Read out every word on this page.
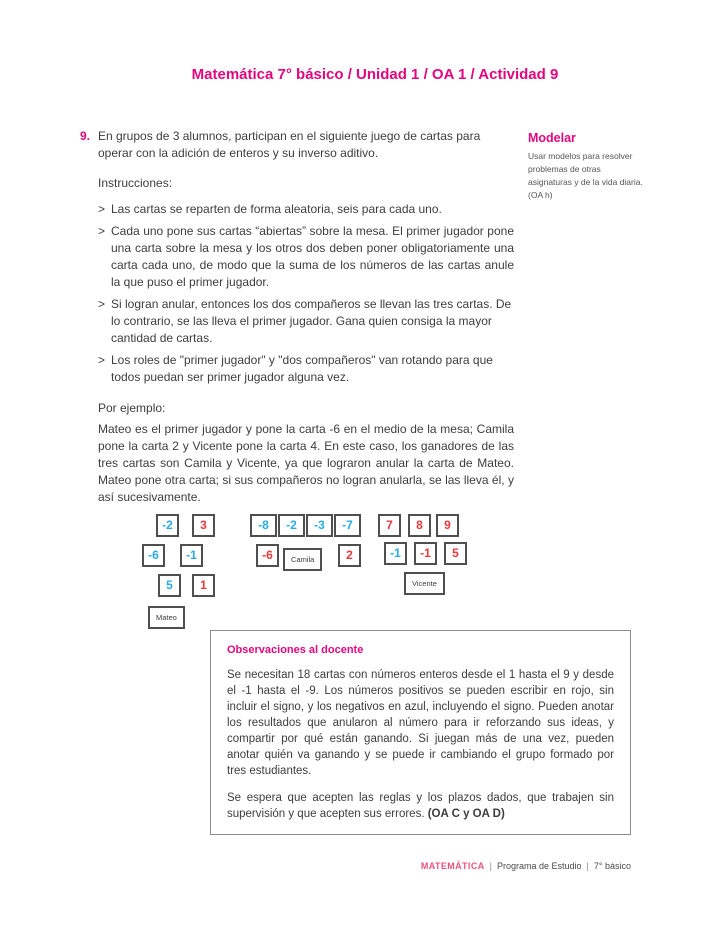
Matemática 7° básico / Unidad 1 / OA 1 / Actividad 9
9. En grupos de 3 alumnos, participan en el siguiente juego de cartas para operar con la adición de enteros y su inverso aditivo.
Instrucciones:
> Las cartas se reparten de forma aleatoria, seis para cada uno.
> Cada uno pone sus cartas “abiertas” sobre la mesa. El primer jugador pone una carta sobre la mesa y los otros dos deben poner obligatoriamente una carta cada uno, de modo que la suma de los números de las cartas anule la que puso el primer jugador.
> Si logran anular, entonces los dos compañeros se llevan las tres cartas. De lo contrario, se las lleva el primer jugador. Gana quien consiga la mayor cantidad de cartas.
> Los roles de "primer jugador" y "dos compañeros" van rotando para que todos puedan ser primer jugador alguna vez.
Por ejemplo:
Mateo es el primer jugador y pone la carta -6 en el medio de la mesa; Camila pone la carta 2 y Vicente pone la carta 4. En este caso, los ganadores de las tres cartas son Camila y Vicente, ya que lograron anular la carta de Mateo. Mateo pone otra carta; si sus compañeros no logran anularla, se las lleva él, y así sucesivamente.
-2	3
-6	-1
5	1
Mateo
-8	-2	-3	-7
-6	Camila	2
7	8	9
-1	-1	5
Vicente
Modelar
Usar modelos para resolver problemas de otras asignaturas y de la vida diaria. (OA h)
Observaciones al docente

Se necesitan 18 cartas con números enteros desde el 1 hasta el 9 y desde el -1 hasta el -9. Los números positivos se pueden escribir en rojo, sin incluir el signo, y los negativos en azul, incluyendo el signo. Pueden anotar los resultados que anularon al número para ir reforzando sus ideas, y compartir por qué están ganando. Si juegan más de una vez, pueden anotar quién va ganando y se puede ir cambiando el grupo formado por tres estudiantes.

Se espera que acepten las reglas y los plazos dados, que trabajen sin supervisión y que acepten sus errores. (OA C y OA D)

MATEMÁTICA | Programa de Estudio | 7° básico
